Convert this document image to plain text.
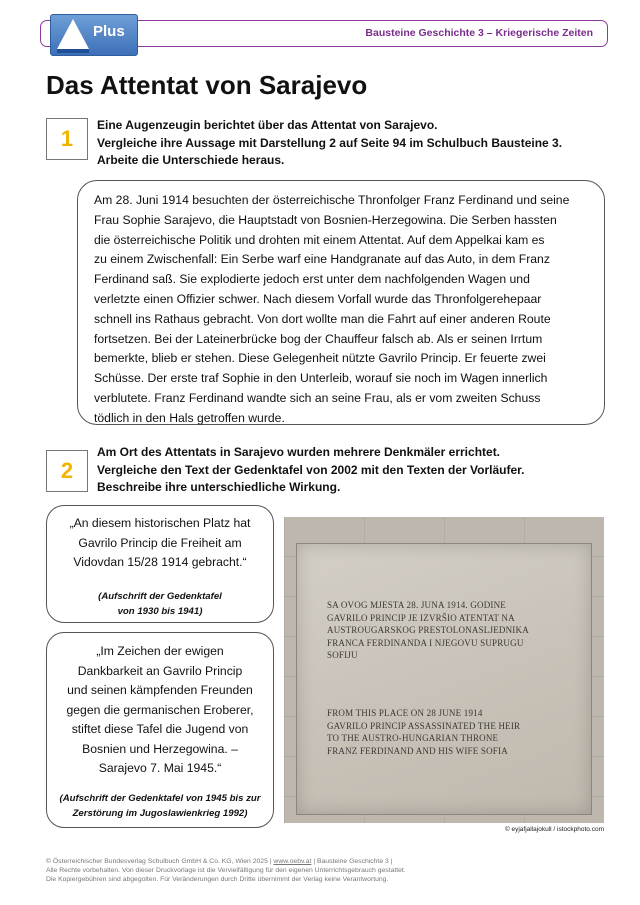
Bausteine Geschichte 3 – Kriegerische Zeiten
Plus
Das Attentat von Sarajevo
1
Eine Augenzeugin berichtet über das Attentat von Sarajevo.
Vergleiche ihre Aussage mit Darstellung 2 auf Seite 94 im Schulbuch Bausteine 3.
Arbeite die Unterschiede heraus.
Am 28. Juni 1914 besuchten der österreichische Thronfolger Franz Ferdinand und seine
Frau Sophie Sarajevo, die Hauptstadt von Bosnien-Herzegowina. Die Serben hassten
die österreichische Politik und drohten mit einem Attentat. Auf dem Appelkai kam es
zu einem Zwischenfall: Ein Serbe warf eine Handgranate auf das Auto, in dem Franz
Ferdinand saß. Sie explodierte jedoch erst unter dem nachfolgenden Wagen und
verletzte einen Offizier schwer. Nach diesem Vorfall wurde das Thronfolgerehepaar
schnell ins Rathaus gebracht. Von dort wollte man die Fahrt auf einer anderen Route
fortsetzen. Bei der Lateinerbrücke bog der Chauffeur falsch ab. Als er seinen Irrtum
bemerkte, blieb er stehen. Diese Gelegenheit nützte Gavrilo Princip. Er feuerte zwei
Schüsse. Der erste traf Sophie in den Unterleib, worauf sie noch im Wagen innerlich
verblutete. Franz Ferdinand wandte sich an seine Frau, als er vom zweiten Schuss
tödlich in den Hals getroffen wurde.
2
Am Ort des Attentats in Sarajevo wurden mehrere Denkmäler errichtet.
Vergleiche den Text der Gedenktafel von 2002 mit den Texten der Vorläufer.
Beschreibe ihre unterschiedliche Wirkung.
„An diesem historischen Platz hat
Gavrilo Princip die Freiheit am
Vidovdan 15/28 1914 gebracht.“
(Aufschrift der Gedenktafel
von 1930 bis 1941)
„Im Zeichen der ewigen
Dankbarkeit an Gavrilo Princip
und seinen kämpfenden Freunden
gegen die germanischen Eroberer,
stiftet diese Tafel die Jugend von
Bosnien und Herzegowina. –
Sarajevo 7. Mai 1945.“
(Aufschrift der Gedenktafel von 1945 bis zur
Zerstörung im Jugoslawienkrieg 1992)
SA OVOG MJESTA 28. JUNA 1914. GODINE
GAVRILO PRINCIP JE IZVRŠIO ATENTAT NA
AUSTROUGARSKOG PRESTOLONASLJEDNIKA
FRANCA FERDINANDA I NJEGOVU SUPRUGU
SOFIJU
FROM THIS PLACE ON 28 JUNE 1914
GAVRILO PRINCIP ASSASSINATED THE HEIR
TO THE AUSTRO-HUNGARIAN THRONE
FRANZ FERDINAND AND HIS WIFE SOFIA
© eyjafjallajokull / istockphoto.com
© Österreichischer Bundesverlag Schulbuch GmbH & Co. KG, Wien 2025 | www.oebv.at | Bausteine Geschichte 3 |
Alle Rechte vorbehalten. Von dieser Druckvorlage ist die Vervielfältigung für den eigenen Unterrichtsgebrauch gestattet.
Die Kopiergebühren sind abgegolten. Für Veränderungen durch Dritte übernimmt der Verlag keine Verantwortung.
